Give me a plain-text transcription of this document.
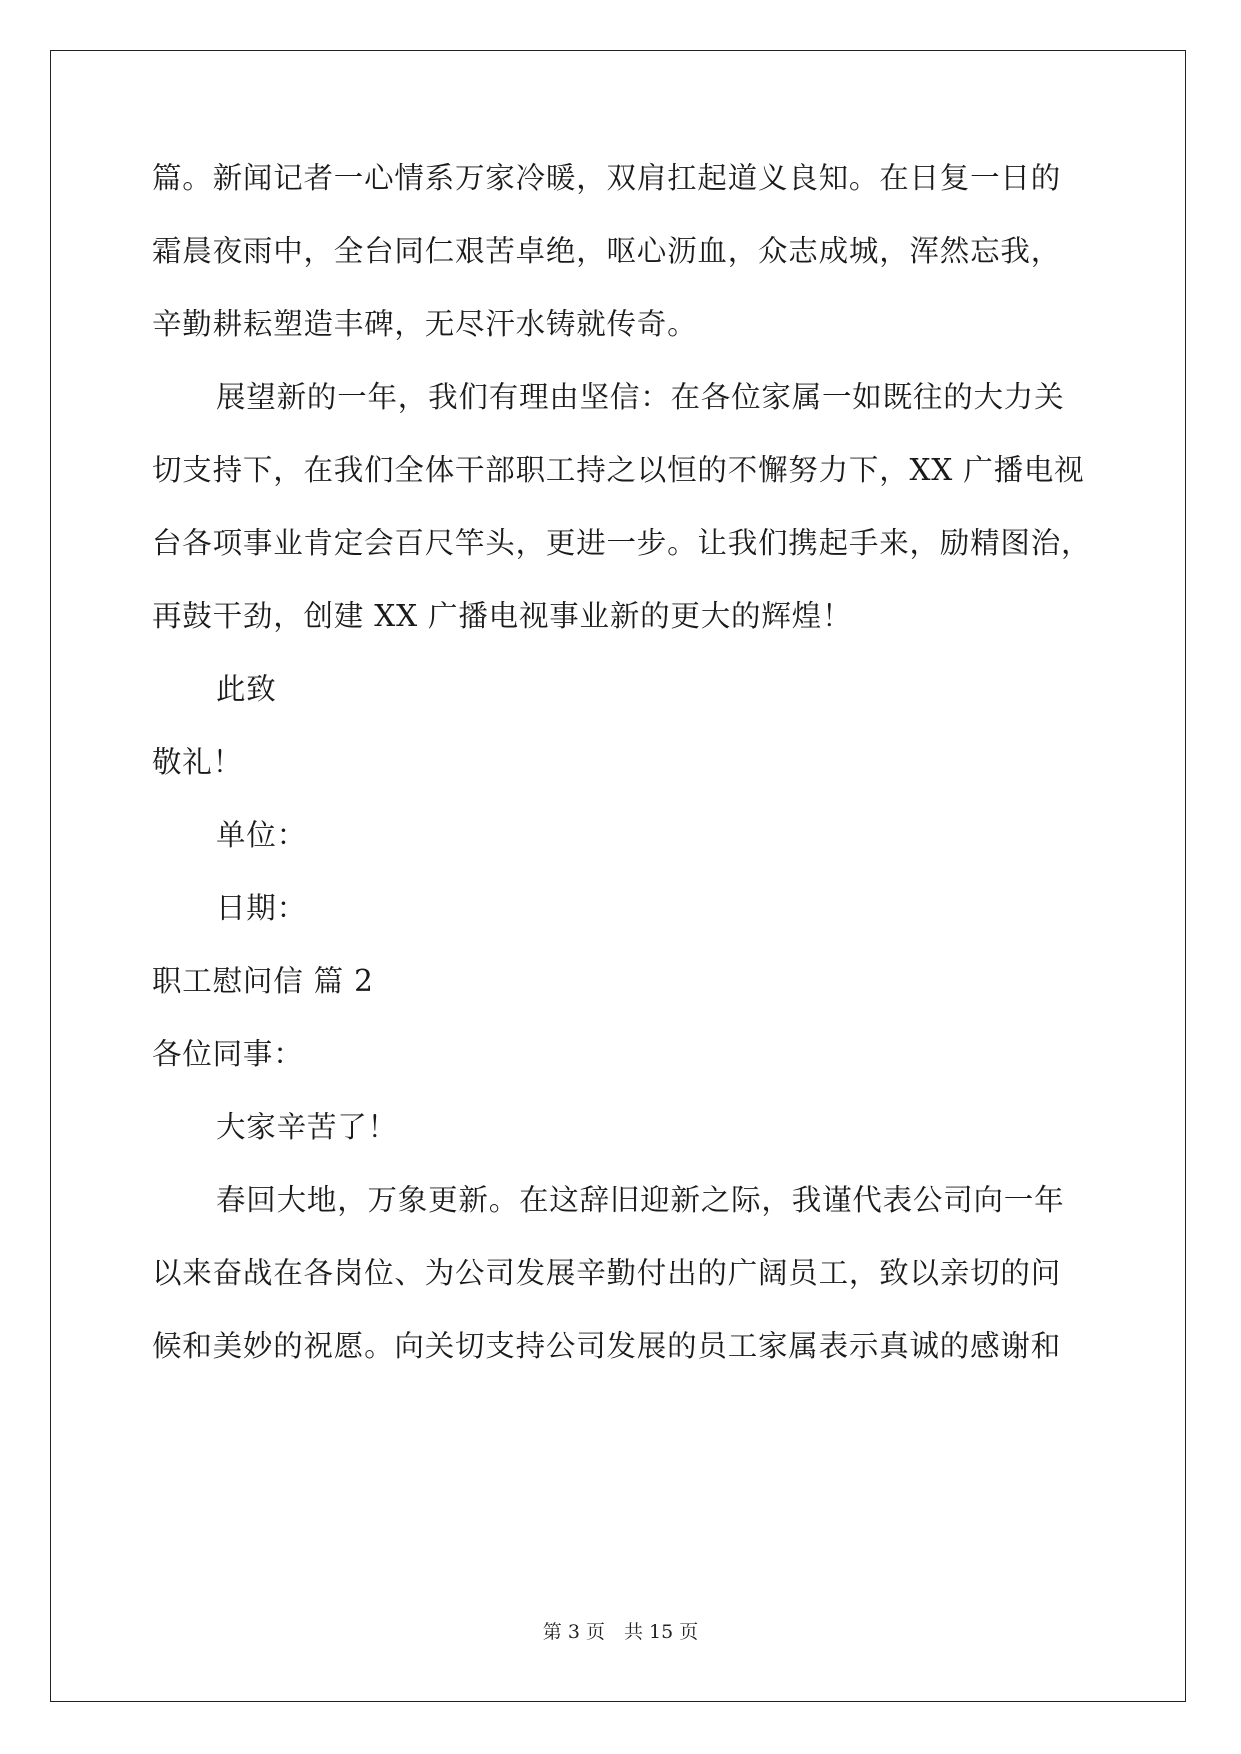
篇。新闻记者一心情系万家冷暖，双肩扛起道义良知。在日复一日的
霜晨夜雨中，全台同仁艰苦卓绝，呕心沥血，众志成城，浑然忘我，
辛勤耕耘塑造丰碑，无尽汗水铸就传奇。
展望新的一年，我们有理由坚信：在各位家属一如既往的大力关
切支持下，在我们全体干部职工持之以恒的不懈努力下，XX 广播电视
台各项事业肯定会百尺竿头，更进一步。让我们携起手来，励精图治，
再鼓干劲，创建 XX 广播电视事业新的更大的辉煌！
此致
敬礼！
单位：
日期：
职工慰问信 篇 2
各位同事：
大家辛苦了！
春回大地，万象更新。在这辞旧迎新之际，我谨代表公司向一年
以来奋战在各岗位、为公司发展辛勤付出的广阔员工，致以亲切的问
候和美妙的祝愿。向关切支持公司发展的员工家属表示真诚的感谢和
第 3 页　共 15 页
